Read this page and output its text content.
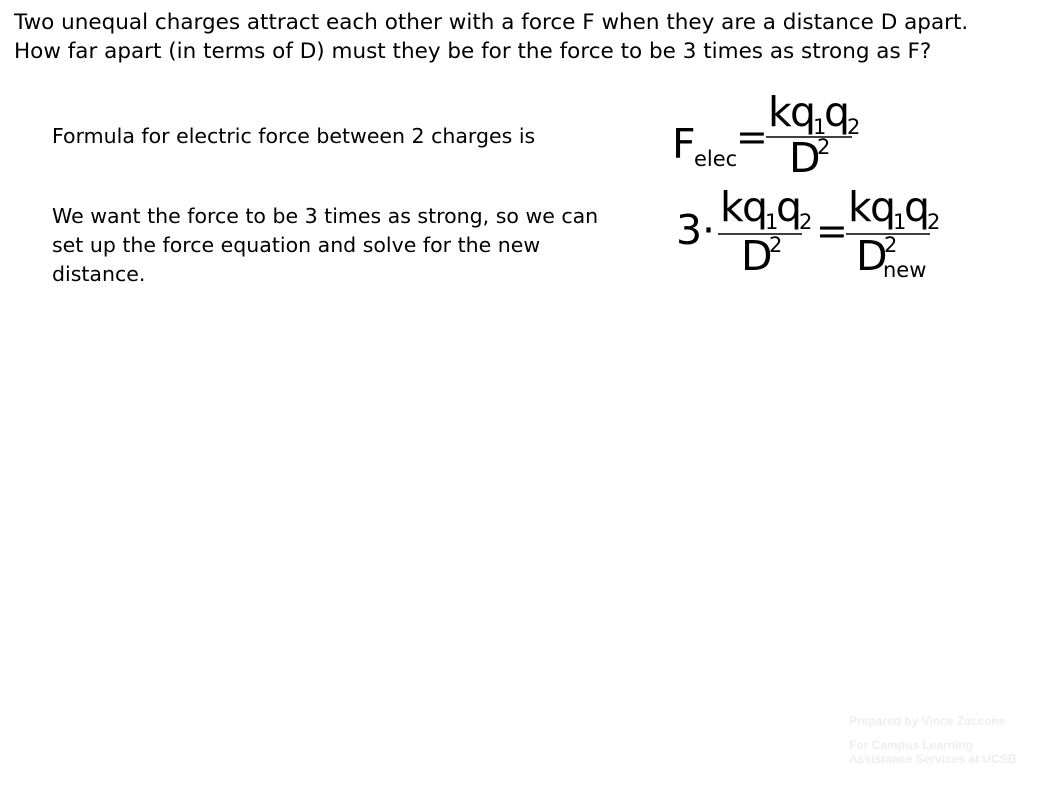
Two unequal charges attract each other with a force F when they are a distance D apart. How far apart (in terms of D) must they be for the force to be 3 times as strong as F?
Formula for electric force between 2 charges is	F
elec
=
k
q
1
q
2
D
2
We want the force to be 3 times as strong, so we can set up the force equation and solve for the new distance.
3 · k
q
1
q
2
D
2 = k
q
1
q
2
D
2
new
Prepared by Vince Zaccone
For Campus Learning
Assistance Services at UCSB
